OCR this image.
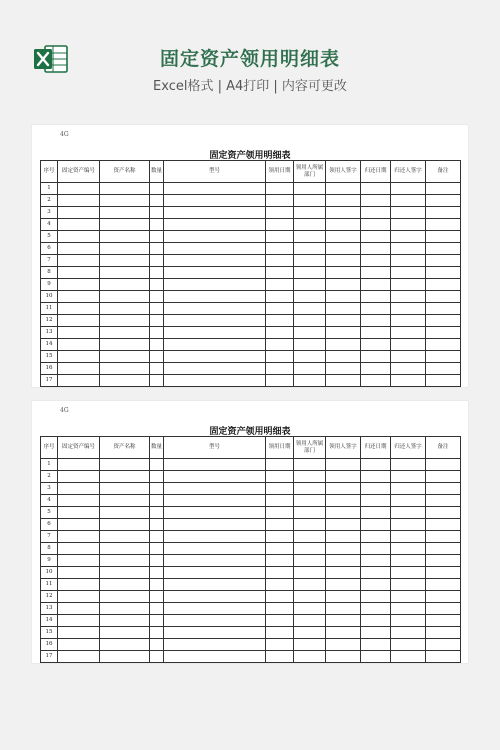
固定资产领用明细表
Excel格式 | A4打印 | 内容可更改
4G
固定资产领用明细表
序号	固定资产编号	资产名称	数量	型号	领用日期	领用人所属部门	领用人签字	归还日期	归还人签字	备注
1										
2										
3										
4										
5										
6										
7										
8										
9										
10										
11										
12										
13										
14										
15										
16										
17										
4G
固定资产领用明细表
序号	固定资产编号	资产名称	数量	型号	领用日期	领用人所属部门	领用人签字	归还日期	归还人签字	备注
1										
2										
3										
4										
5										
6										
7										
8										
9										
10										
11										
12										
13										
14										
15										
16										
17										
